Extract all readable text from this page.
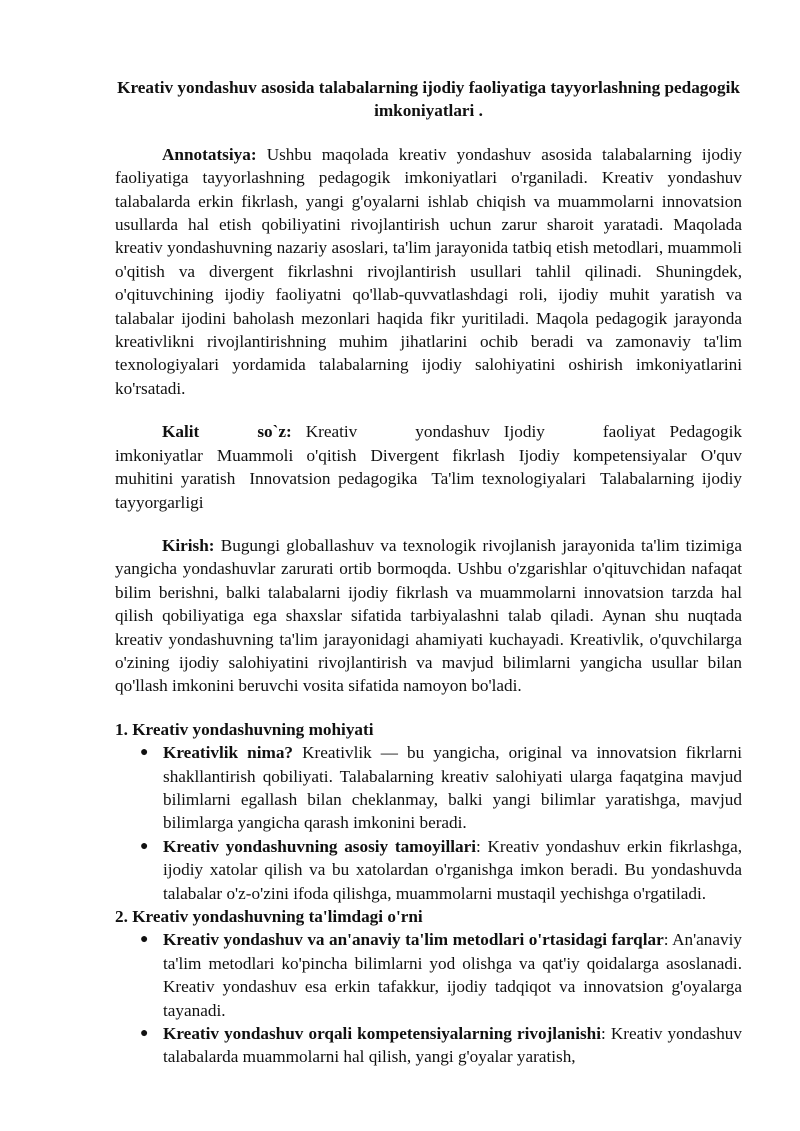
Kreativ yondashuv asosida talabalarning ijodiy faoliyatiga tayyorlashning pedagogik imkoniyatlari .

Annotatsiya: Ushbu maqolada kreativ yondashuv asosida talabalarning ijodiy faoliyatiga tayyorlashning pedagogik imkoniyatlari o'rganiladi. Kreativ yondashuv talabalarda erkin fikrlash, yangi g'oyalarni ishlab chiqish va muammolarni innovatsion usullarda hal etish qobiliyatini rivojlantirish uchun zarur sharoit yaratadi. Maqolada kreativ yondashuvning nazariy asoslari, ta'lim jarayonida tatbiq etish metodlari, muammoli o'qitish va divergent fikrlashni rivojlantirish usullari tahlil qilinadi. Shuningdek, o'qituvchining ijodiy faoliyatni qo'llab-quvvatlashdagi roli, ijodiy muhit yaratish va talabalar ijodini baholash mezonlari haqida fikr yuritiladi. Maqola pedagogik jarayonda kreativlikni rivojlantirishning muhim jihatlarini ochib beradi va zamonaviy ta'lim texnologiyalari yordamida talabalarning ijodiy salohiyatini oshirish imkoniyatlarini ko'rsatadi.

Kalit so`z: Kreativ yondashuv Ijodiy faoliyat Pedagogik imkoniyatlar Muammoli o'qitish Divergent fikrlash Ijodiy kompetensiyalar O'quv muhitini yaratish Innovatsion pedagogika Ta'lim texnologiyalari Talabalarning ijodiy tayyorgarligi

Kirish: Bugungi globallashuv va texnologik rivojlanish jarayonida ta'lim tizimiga yangicha yondashuvlar zarurati ortib bormoqda. Ushbu o'zgarishlar o'qituvchidan nafaqat bilim berishni, balki talabalarni ijodiy fikrlash va muammolarni innovatsion tarzda hal qilish qobiliyatiga ega shaxslar sifatida tarbiyalashni talab qiladi. Aynan shu nuqtada kreativ yondashuvning ta'lim jarayonidagi ahamiyati kuchayadi. Kreativlik, o'quvchilarga o'zining ijodiy salohiyatini rivojlantirish va mavjud bilimlarni yangicha usullar bilan qo'llash imkonini beruvchi vosita sifatida namoyon bo'ladi.

1. Kreativ yondashuvning mohiyati
● Kreativlik nima? Kreativlik — bu yangicha, original va innovatsion fikrlarni shakllantirish qobiliyati. Talabalarning kreativ salohiyati ularga faqatgina mavjud bilimlarni egallash bilan cheklanmay, balki yangi bilimlar yaratishga, mavjud bilimlarga yangicha qarash imkonini beradi.
● Kreativ yondashuvning asosiy tamoyillari: Kreativ yondashuv erkin fikrlashga, ijodiy xatolar qilish va bu xatolardan o'rganishga imkon beradi. Bu yondashuvda talabalar o'z-o'zini ifoda qilishga, muammolarni mustaqil yechishga o'rgatiladi.
2. Kreativ yondashuvning ta'limdagi o'rni
● Kreativ yondashuv va an'anaviy ta'lim metodlari o'rtasidagi farqlar: An'anaviy ta'lim metodlari ko'pincha bilimlarni yod olishga va qat'iy qoidalarga asoslanadi. Kreativ yondashuv esa erkin tafakkur, ijodiy tadqiqot va innovatsion g'oyalarga tayanadi.
● Kreativ yondashuv orqali kompetensiyalarning rivojlanishi: Kreativ yondashuv talabalarda muammolarni hal qilish, yangi g'oyalar yaratish,
